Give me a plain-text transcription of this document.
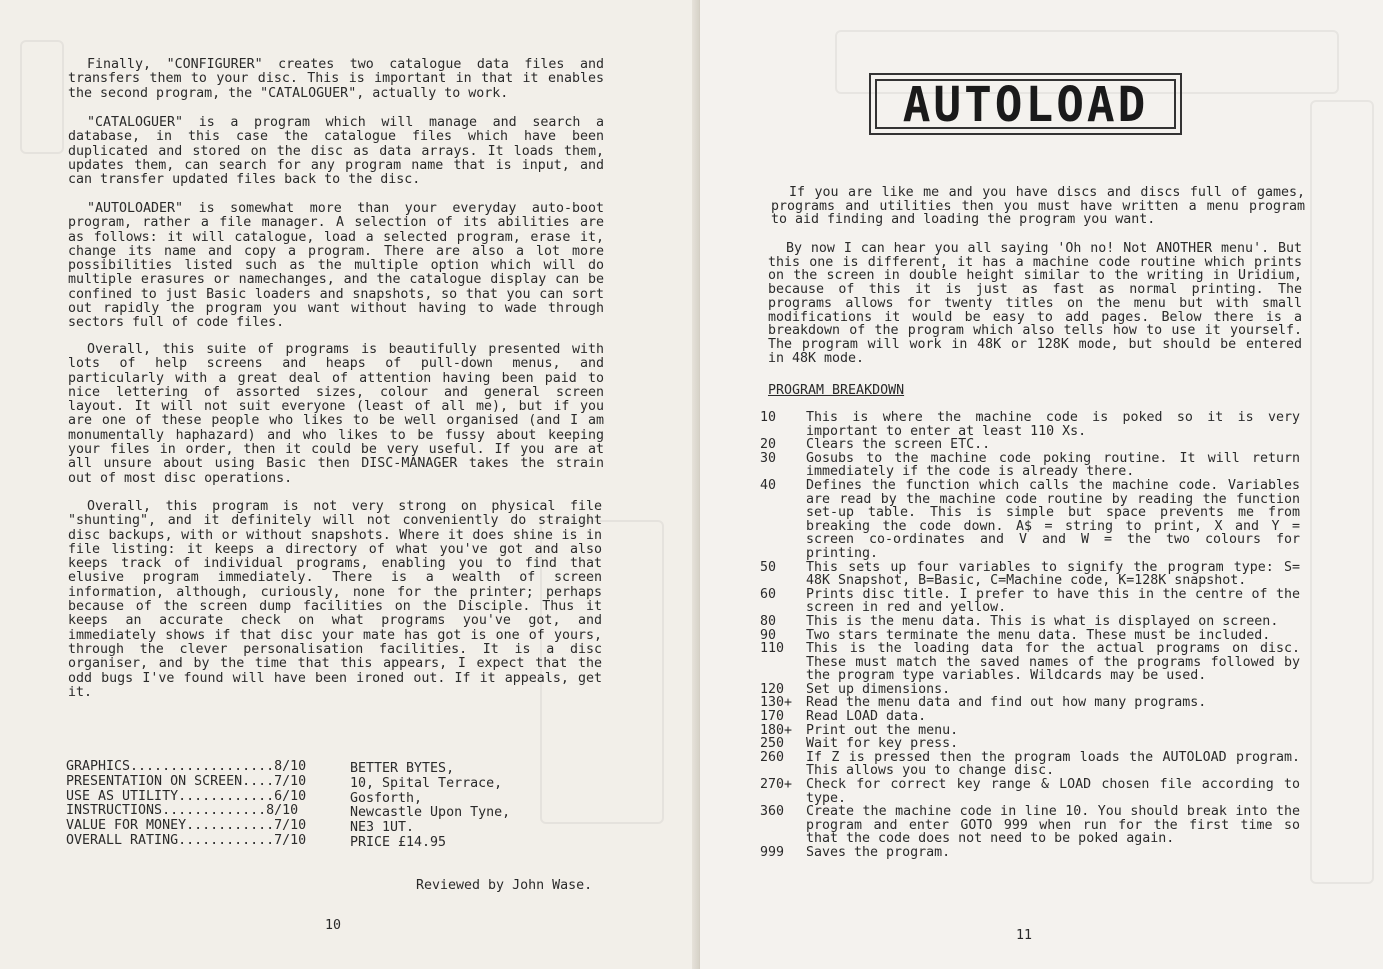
Finally, "CONFIGURER" creates two catalogue data files and transfers them to your disc. This is important in that it enables the second program, the "CATALOGUER", actually to work.

"CATALOGUER" is a program which will manage and search a database, in this case the catalogue files which have been duplicated and stored on the disc as data arrays. It loads them, updates them, can search for any program name that is input, and can transfer updated files back to the disc.

"AUTOLOADER" is somewhat more than your everyday auto-boot program, rather a file manager. A selection of its abilities are as follows: it will catalogue, load a selected program, erase it, change its name and copy a program. There are also a lot more possibilities listed such as the multiple option which will do multiple erasures or namechanges, and the catalogue display can be confined to just Basic loaders and snapshots, so that you can sort out rapidly the program you want without having to wade through sectors full of code files.

Overall, this suite of programs is beautifully presented with lots of help screens and heaps of pull-down menus, and particularly with a great deal of attention having been paid to nice lettering of assorted sizes, colour and general screen layout. It will not suit everyone (least of all me), but if you are one of these people who likes to be well organised (and I am monumentally haphazard) and who likes to be fussy about keeping your files in order, then it could be very useful. If you are at all unsure about using Basic then DISC-MANAGER takes the strain out of most disc operations.

Overall, this program is not very strong on physical file "shunting", and it definitely will not conveniently do straight disc backups, with or without snapshots. Where it does shine is in file listing: it keeps a directory of what you've got and also keeps track of individual programs, enabling you to find that elusive program immediately. There is a wealth of screen information, although, curiously, none for the printer; perhaps because of the screen dump facilities on the Disciple. Thus it keeps an accurate check on what programs you've got, and immediately shows if that disc your mate has got is one of yours, through the clever personalisation facilities. It is a disc organiser, and by the time that this appears, I expect that the odd bugs I've found will have been ironed out. If it appeals, get it.

GRAPHICS..................8/10
PRESENTATION ON SCREEN....7/10
USE AS UTILITY............6/10
INSTRUCTIONS.............8/10
VALUE FOR MONEY...........7/10
OVERALL RATING............7/10
BETTER BYTES,
10, Spital Terrace,
Gosforth,
Newcastle Upon Tyne,
NE3 1UT.
PRICE £14.95
Reviewed by John Wase.
10
AUTOLOAD

If you are like me and you have discs and discs full of games, programs and utilities then you must have written a menu program to aid finding and loading the program you want.

By now I can hear you all saying 'Oh no! Not ANOTHER menu'. But this one is different, it has a machine code routine which prints on the screen in double height similar to the writing in Uridium, because of this it is just as fast as normal printing. The programs allows for twenty titles on the menu but with small modifications it would be easy to add pages. Below there is a breakdown of the program which also tells how to use it yourself. The program will work in 48K or 128K mode, but should be entered in 48K mode.

PROGRAM BREAKDOWN
10	This is where the machine code is poked so it is very important to enter at least 110 Xs.
20	Clears the screen ETC..
30	Gosubs to the machine code poking routine. It will return immediately if the code is already there.
40	Defines the function which calls the machine code. Variables are read by the machine code routine by reading the function set-up table. This is simple but space prevents me from breaking the code down. A$ = string to print, X and Y = screen co-ordinates and V and W = the two colours for printing.
50	This sets up four variables to signify the program type: S= 48K Snapshot, B=Basic, C=Machine code, K=128K snapshot.
60	Prints disc title. I prefer to have this in the centre of the screen in red and yellow.
80	This is the menu data. This is what is displayed on screen.
90	Two stars terminate the menu data. These must be included.
110	This is the loading data for the actual programs on disc. These must match the saved names of the programs followed by the program type variables. Wildcards may be used.
120	Set up dimensions.
130+	Read the menu data and find out how many programs.
170	Read LOAD data.
180+	Print out the menu.
250	Wait for key press.
260	If Z is pressed then the program loads the AUTOLOAD program. This allows you to change disc.
270+	Check for correct key range & LOAD chosen file according to type.
360	Create the machine code in line 10. You should break into the program and enter GOTO 999 when run for the first time so that the code does not need to be poked again.
999	Saves the program.
11
